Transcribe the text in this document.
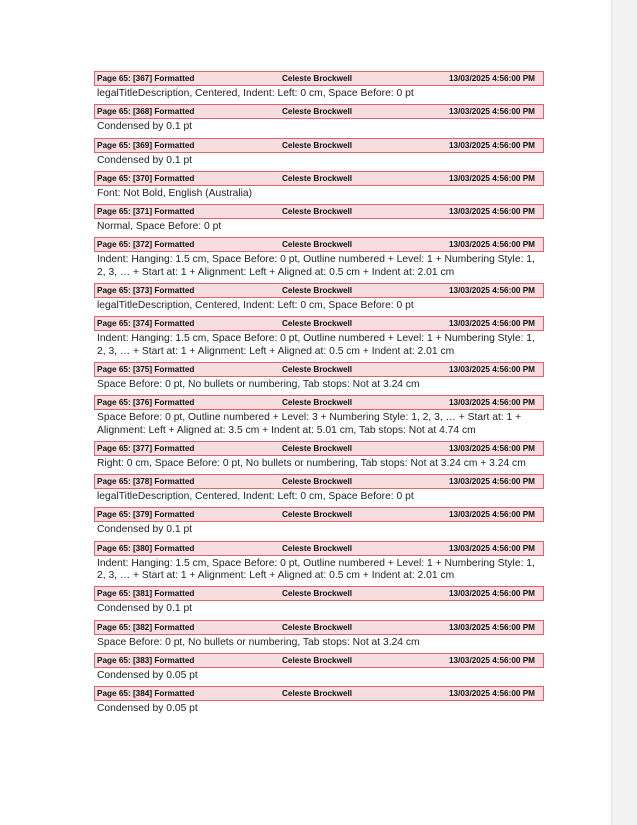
Page 65: [367] Formatted	Celeste Brockwell	13/03/2025 4:56:00 PM
legalTitleDescription, Centered, Indent: Left: 0 cm, Space Before: 0 pt
Page 65: [368] Formatted	Celeste Brockwell	13/03/2025 4:56:00 PM
Condensed by 0.1 pt
Page 65: [369] Formatted	Celeste Brockwell	13/03/2025 4:56:00 PM
Condensed by 0.1 pt
Page 65: [370] Formatted	Celeste Brockwell	13/03/2025 4:56:00 PM
Font: Not Bold, English (Australia)
Page 65: [371] Formatted	Celeste Brockwell	13/03/2025 4:56:00 PM
Normal, Space Before: 0 pt
Page 65: [372] Formatted	Celeste Brockwell	13/03/2025 4:56:00 PM
Indent: Hanging: 1.5 cm, Space Before: 0 pt, Outline numbered + Level: 1 + Numbering Style: 1, 2, 3, … + Start at: 1 + Alignment: Left + Aligned at: 0.5 cm + Indent at: 2.01 cm
Page 65: [373] Formatted	Celeste Brockwell	13/03/2025 4:56:00 PM
legalTitleDescription, Centered, Indent: Left: 0 cm, Space Before: 0 pt
Page 65: [374] Formatted	Celeste Brockwell	13/03/2025 4:56:00 PM
Indent: Hanging: 1.5 cm, Space Before: 0 pt, Outline numbered + Level: 1 + Numbering Style: 1, 2, 3, … + Start at: 1 + Alignment: Left + Aligned at: 0.5 cm + Indent at: 2.01 cm
Page 65: [375] Formatted	Celeste Brockwell	13/03/2025 4:56:00 PM
Space Before: 0 pt, No bullets or numbering, Tab stops: Not at 3.24 cm
Page 65: [376] Formatted	Celeste Brockwell	13/03/2025 4:56:00 PM
Space Before: 0 pt, Outline numbered + Level: 3 + Numbering Style: 1, 2, 3, … + Start at: 1 + Alignment: Left + Aligned at: 3.5 cm + Indent at: 5.01 cm, Tab stops: Not at 4.74 cm
Page 65: [377] Formatted	Celeste Brockwell	13/03/2025 4:56:00 PM
Right: 0 cm, Space Before: 0 pt, No bullets or numbering, Tab stops: Not at 3.24 cm + 3.24 cm
Page 65: [378] Formatted	Celeste Brockwell	13/03/2025 4:56:00 PM
legalTitleDescription, Centered, Indent: Left: 0 cm, Space Before: 0 pt
Page 65: [379] Formatted	Celeste Brockwell	13/03/2025 4:56:00 PM
Condensed by 0.1 pt
Page 65: [380] Formatted	Celeste Brockwell	13/03/2025 4:56:00 PM
Indent: Hanging: 1.5 cm, Space Before: 0 pt, Outline numbered + Level: 1 + Numbering Style: 1, 2, 3, … + Start at: 1 + Alignment: Left + Aligned at: 0.5 cm + Indent at: 2.01 cm
Page 65: [381] Formatted	Celeste Brockwell	13/03/2025 4:56:00 PM
Condensed by 0.1 pt
Page 65: [382] Formatted	Celeste Brockwell	13/03/2025 4:56:00 PM
Space Before: 0 pt, No bullets or numbering, Tab stops: Not at 3.24 cm
Page 65: [383] Formatted	Celeste Brockwell	13/03/2025 4:56:00 PM
Condensed by 0.05 pt
Page 65: [384] Formatted	Celeste Brockwell	13/03/2025 4:56:00 PM
Condensed by 0.05 pt
